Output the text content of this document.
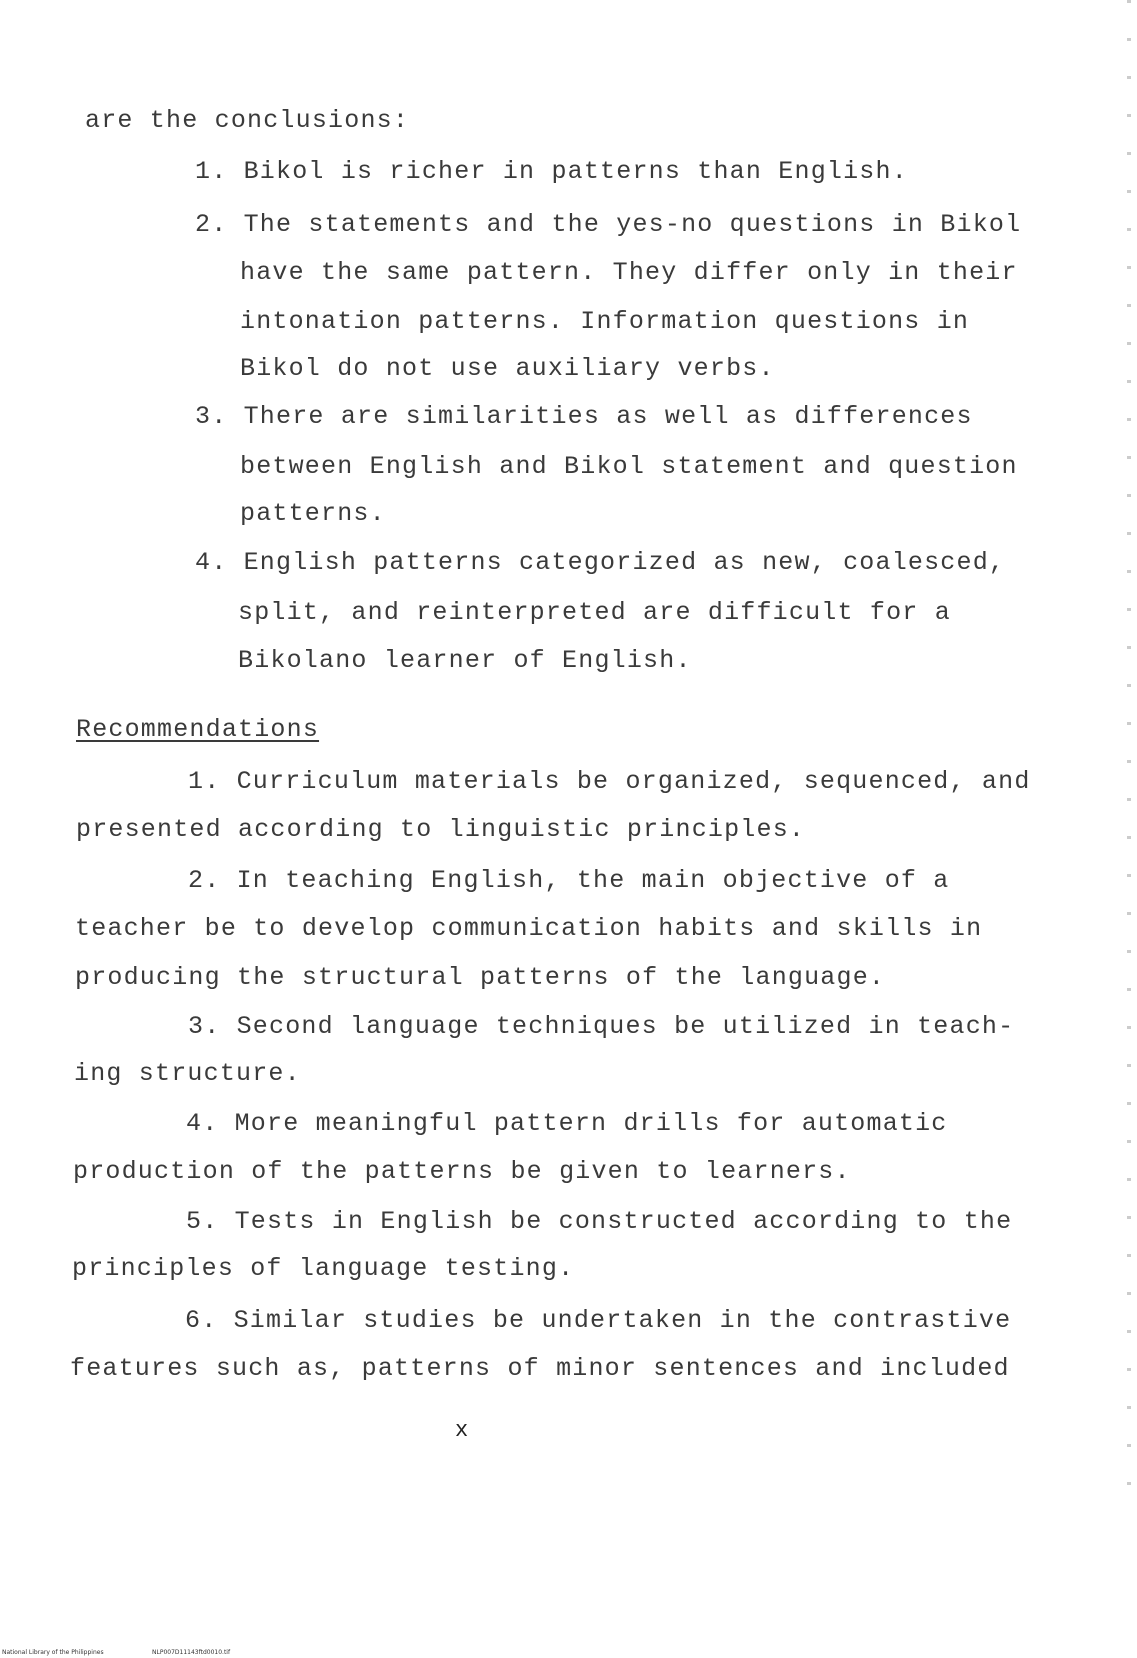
are the conclusions:
1. Bikol is richer in patterns than English.
2. The statements and the yes-no questions in Bikol
have the same pattern. They differ only in their
intonation patterns. Information questions in
Bikol do not use auxiliary verbs.
3. There are similarities as well as differences
between English and Bikol statement and question
patterns.
4. English patterns categorized as new, coalesced,
split, and reinterpreted are difficult for a
Bikolano learner of English.
Recommendations
1. Curriculum materials be organized, sequenced, and
presented according to linguistic principles.
2. In teaching English, the main objective of a
teacher be to develop communication habits and skills in
producing the structural patterns of the language.
3. Second language techniques be utilized in teach-
ing structure.
4. More meaningful pattern drills for automatic
production of the patterns be given to learners.
5. Tests in English be constructed according to the
principles of language testing.
6. Similar studies be undertaken in the contrastive
features such as, patterns of minor sentences and included
x
National Library of the Philippines	NLP007D11143ftd0010.tif
